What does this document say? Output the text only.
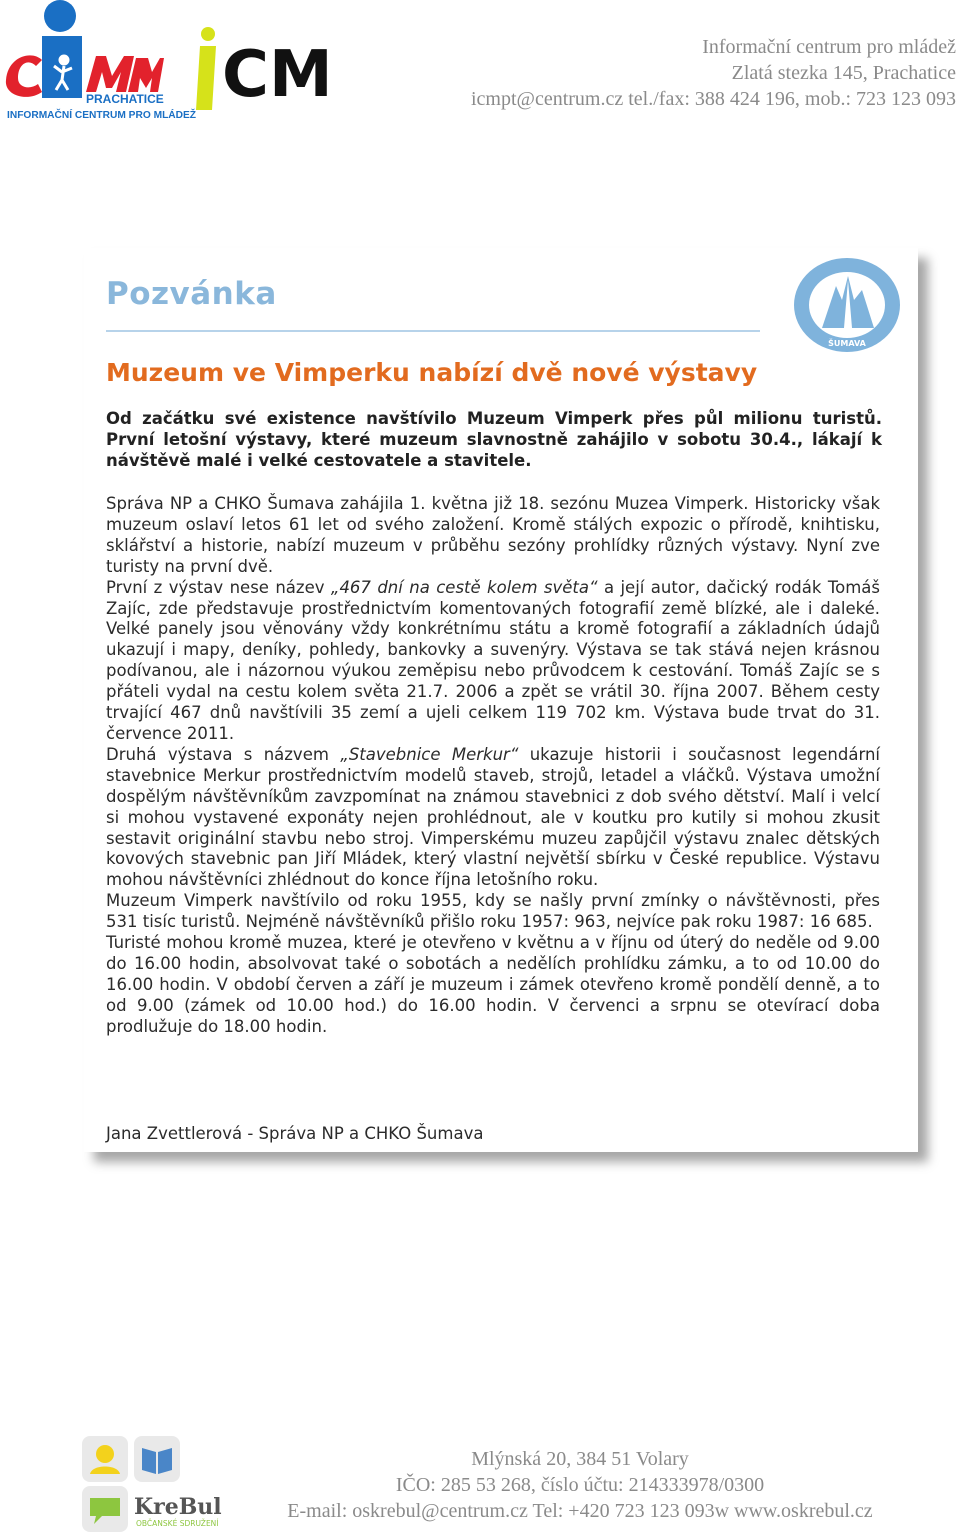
PRACHATICE
INFORMAČNÍ CENTRUM PRO MLÁDEŽ
CM	Informační centrum pro mládež
Zlatá stezka 145, Prachatice
icmpt@centrum.cz tel./fax: 388 424 196, mob.: 723 123 093
Pozvánka
ŠUMAVA
Muzeum ve Vimperku nabízí dvě nové výstavy
Od začátku své existence navštívilo Muzeum Vimperk přes půl milionu turistů. První letošní výstavy, které muzeum slavnostně zahájilo v sobotu 30.4., lákají k návštěvě malé i velké cestovatele a stavitele.

Správa NP a CHKO Šumava zahájila 1. května již 18. sezónu Muzea Vimperk. Historicky však muzeum oslaví letos 61 let od svého založení. Kromě stálých expozic o přírodě, knihtisku, sklářství a historie, nabízí muzeum v průběhu sezóny prohlídky různých výstavy. Nyní zve turisty na první dvě.

První z výstav nese název „467 dní na cestě kolem světa“ a její autor, dačický rodák Tomáš Zajíc, zde představuje prostřednictvím komentovaných fotografií země blízké, ale i daleké. Velké panely jsou věnovány vždy konkrétnímu státu a kromě fotografií a základních údajů ukazují i mapy, deníky, pohledy, bankovky a suvenýry. Výstava se tak stává nejen krásnou podívanou, ale i názornou výukou zeměpisu nebo průvodcem k cestování. Tomáš Zajíc se s přáteli vydal na cestu kolem světa 21.7. 2006 a zpět se vrátil 30. října 2007. Během cesty trvající 467 dnů navštívili 35 zemí a ujeli celkem 119 702 km. Výstava bude trvat do 31. července 2011.

Druhá výstava s názvem „Stavebnice Merkur“ ukazuje historii i současnost legendární stavebnice Merkur prostřednictvím modelů staveb, strojů, letadel a vláčků. Výstava umožní dospělým návštěvníkům zavzpomínat na známou stavebnici z dob svého dětství. Malí i velcí si mohou vystavené exponáty nejen prohlédnout, ale v koutku pro kutily si mohou zkusit sestavit originální stavbu nebo stroj. Vimperskému muzeu zapůjčil výstavu znalec dětských kovových stavebnic pan Jiří Mládek, který vlastní největší sbírku v České republice. Výstavu mohou návštěvníci zhlédnout do konce října letošního roku.

Muzeum Vimperk navštívilo od roku 1955, kdy se našly první zmínky o návštěvnosti, přes 531 tisíc turistů. Nejméně návštěvníků přišlo roku 1957: 963, nejvíce pak roku 1987: 16 685.

Turisté mohou kromě muzea, které je otevřeno v květnu a v říjnu od úterý do neděle od 9.00 do 16.00 hodin, absolvovat také o sobotách a nedělích prohlídku zámku, a to od 10.00 do 16.00 hodin. V období červen a září je muzeum i zámek otevřeno kromě pondělí denně, a to od 9.00 (zámek od 10.00 hod.) do 16.00 hodin. V červenci a srpnu se otevírací doba prodlužuje do 18.00 hodin.

Jana Zvettlerová - Správa NP a CHKO Šumava
KreBul
OBČANSKÉ SDRUŽENÍ
Mlýnská 20, 384 51 Volary
IČO: 285 53 268, číslo účtu: 214333978/0300
E-mail: oskrebul@centrum.cz Tel: +420 723 123 093w www.oskrebul.cz
